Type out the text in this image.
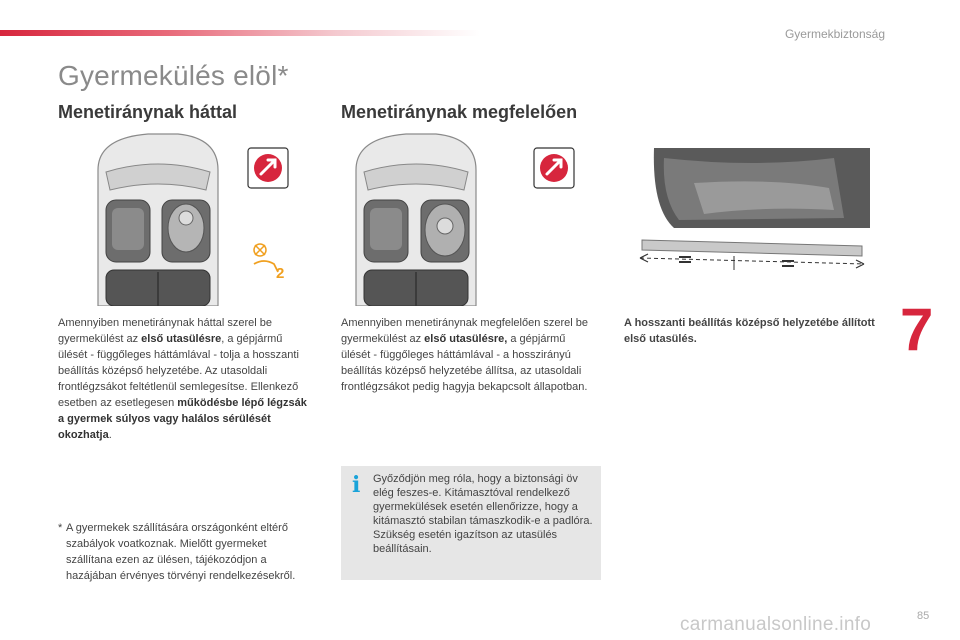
Gyermekbiztonság
Gyermekülés elöl*
Menetiránynak háttal	Menetiránynak megfelelően
2
Amennyiben menetiránynak háttal szerel be gyermekülést az első utasülésre, a gépjármű ülését - függőleges háttámlával - tolja a hosszanti beállítás középső helyzetébe. Az utasoldali frontlégzsákot feltétlenül semlegesítse. Ellenkező esetben az esetlegesen működésbe lépő légzsák a gyermek súlyos vagy halálos sérülését okozhatja.
Amennyiben menetiránynak megfelelően szerel be gyermekülést az első utasülésre, a gépjármű ülését - függőleges háttámlával - a hosszirányú beállítás középső helyzetébe állítsa, az utasoldali frontlégzsákot pedig hagyja bekapcsolt állapotban.
A hosszanti beállítás középső helyzetébe állított első utasülés.
* A gyermekek szállítására országonként eltérő szabályok voatkoznak. Mielőtt gyermeket szállítana ezen az ülésen, tájékozódjon a hazájában érvényes törvényi rendelkezésekről.
i	Győződjön meg róla, hogy a biztonsági öv elég feszes-e. Kitámasztóval rendelkező gyermekülések esetén ellenőrizze, hogy a kitámasztó stabilan támaszkodik-e a padlóra. Szükség esetén igazítson az utasülés beállításain.
7
85
carmanualsonline.info
